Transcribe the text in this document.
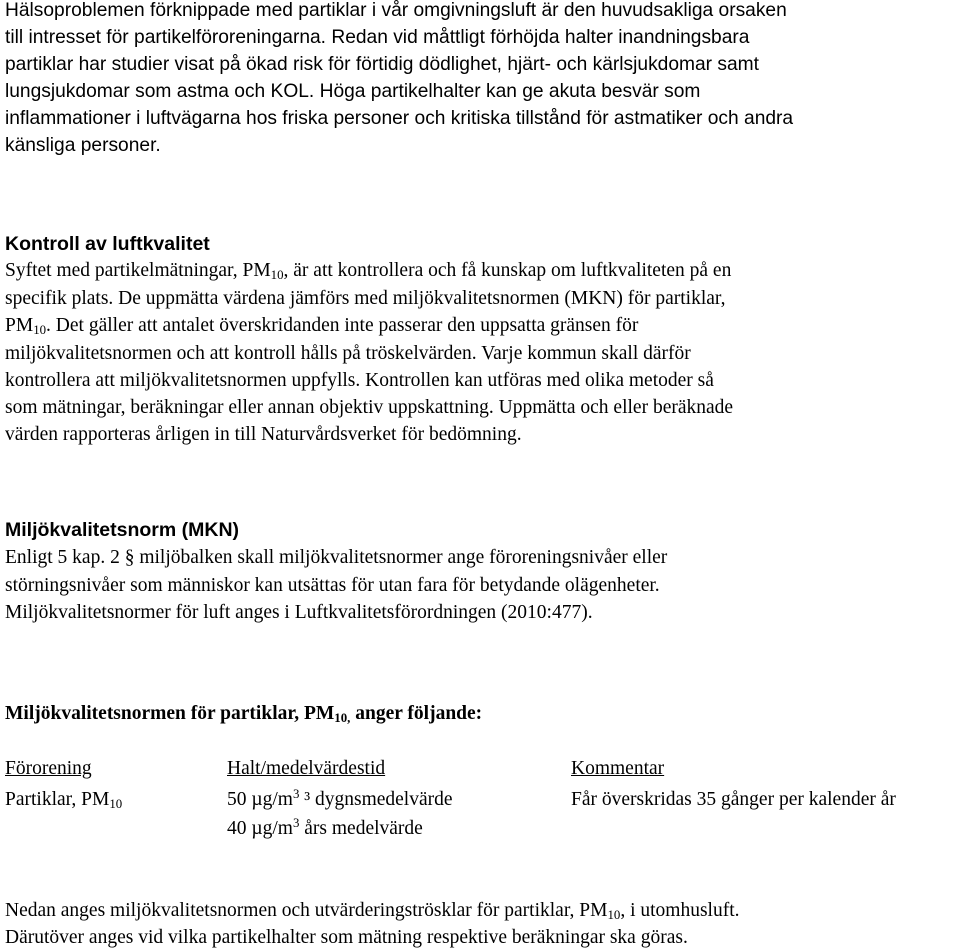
Hälsoproblemen förknippade med partiklar i vår omgivningsluft är den huvudsakliga orsaken
till intresset för partikelföroreningarna. Redan vid måttligt förhöjda halter inandningsbara
partiklar har studier visat på ökad risk för förtidig dödlighet, hjärt- och kärlsjukdomar samt
lungsjukdomar som astma och KOL. Höga partikelhalter kan ge akuta besvär som
inflammationer i luftvägarna hos friska personer och kritiska tillstånd för astmatiker och andra
känsliga personer.
Kontroll av luftkvalitet
Syftet med partikelmätningar, $PM_{10}$, är att kontrollera och få kunskap om luftkvaliteten på en
specifik plats. De uppmätta värdena jämförs med miljökvalitetsnormen (MKN) för partiklar,
$PM_{10}$. Det gäller att antalet överskridanden inte passerar den uppsatta gränsen för
miljökvalitetsnormen och att kontroll hålls på tröskelvärden. Varje kommun skall därför
kontrollera att miljökvalitetsnormen uppfylls. Kontrollen kan utföras med olika metoder så
som mätningar, beräkningar eller annan objektiv uppskattning. Uppmätta och eller beräknade
värden rapporteras årligen in till Naturvårdsverket för bedömning.
Miljökvalitetsnorm (MKN)
Enligt 5 kap. 2 § miljöbalken skall miljökvalitetsnormer ange föroreningsnivåer eller
störningsnivåer som människor kan utsättas för utan fara för betydande olägenheter.
Miljökvalitetsnormer för luft anges i Luftkvalitetsförordningen (2010:477).
Miljökvalitetsnormen för partiklar, $PM_{10,}$ anger följande:
Förorening	Halt/medelvärdestid	Kommentar
Partiklar, $PM_{10}$	50 $\mu g/m^3$ ³ dygnsmedelvärde	Får överskridas 35 gånger per kalender år
40 $\mu g/m^3$ års medelvärde
Nedan anges miljökvalitetsnormen och utvärderingströsklar för partiklar, $PM_{10}$, i utomhusluft.
Därutöver anges vid vilka partikelhalter som mätning respektive beräkningar ska göras.
